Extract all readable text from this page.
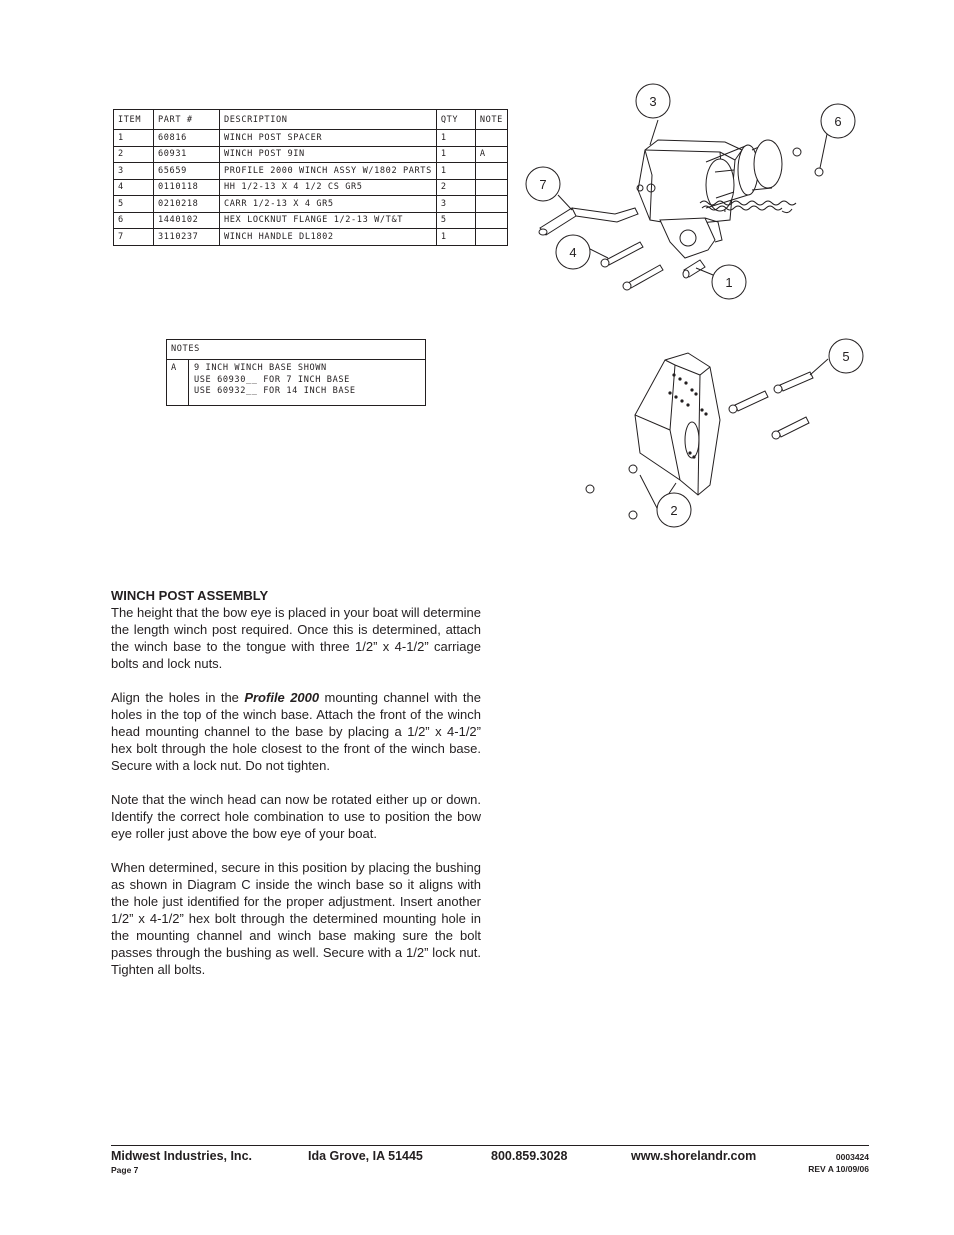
ITEM	PART #	DESCRIPTION	QTY	NOTE
1	60816	WINCH POST SPACER	1	
2	60931	WINCH POST 9IN	1	A
3	65659	PROFILE 2000 WINCH ASSY W/1802 PARTS	1	
4	0110118	HH 1/2-13 X 4 1/2 CS GR5	2	
5	0210218	CARR 1/2-13 X 4 GR5	3	
6	1440102	HEX LOCKNUT FLANGE 1/2-13 W/T&T	5	
7	3110237	WINCH HANDLE DL1802	1	
NOTES
A	9 INCH WINCH BASE SHOWN
USE 60930__ FOR 7 INCH BASE
USE 60932__ FOR 14 INCH BASE
3
6
7
4
1
5
2
WINCH POST ASSEMBLY

The height that the bow eye is placed in your boat will determine the length winch post required. Once this is determined, attach the winch base to the tongue with three 1/2” x 4-1/2” carriage bolts and lock nuts.

Align the holes in the Profile 2000 mounting channel with the holes in the top of the winch base. Attach the front of the winch head mounting channel to the base by placing a 1/2” x 4-1/2” hex bolt through the hole closest to the front of the winch base. Secure with a lock nut. Do not tighten.

Note that the winch head can now be rotated either up or down. Identify the correct hole combination to use to position the bow eye roller just above the bow eye of your boat.

When determined, secure in this position by placing the bushing as shown in Diagram C inside the winch base so it aligns with the hole just identified for the proper adjustment. Insert another 1/2” x 4-1/2” hex bolt through the determined mounting hole in the mounting channel and winch base making sure the bolt passes through the bushing as well. Secure with a 1/2” lock nut. Tighten all bolts.

Midwest Industries, Inc.	Ida Grove, IA 51445	800.859.3028	www.shorelandr.com
Page 7
0003424
REV A 10/09/06
